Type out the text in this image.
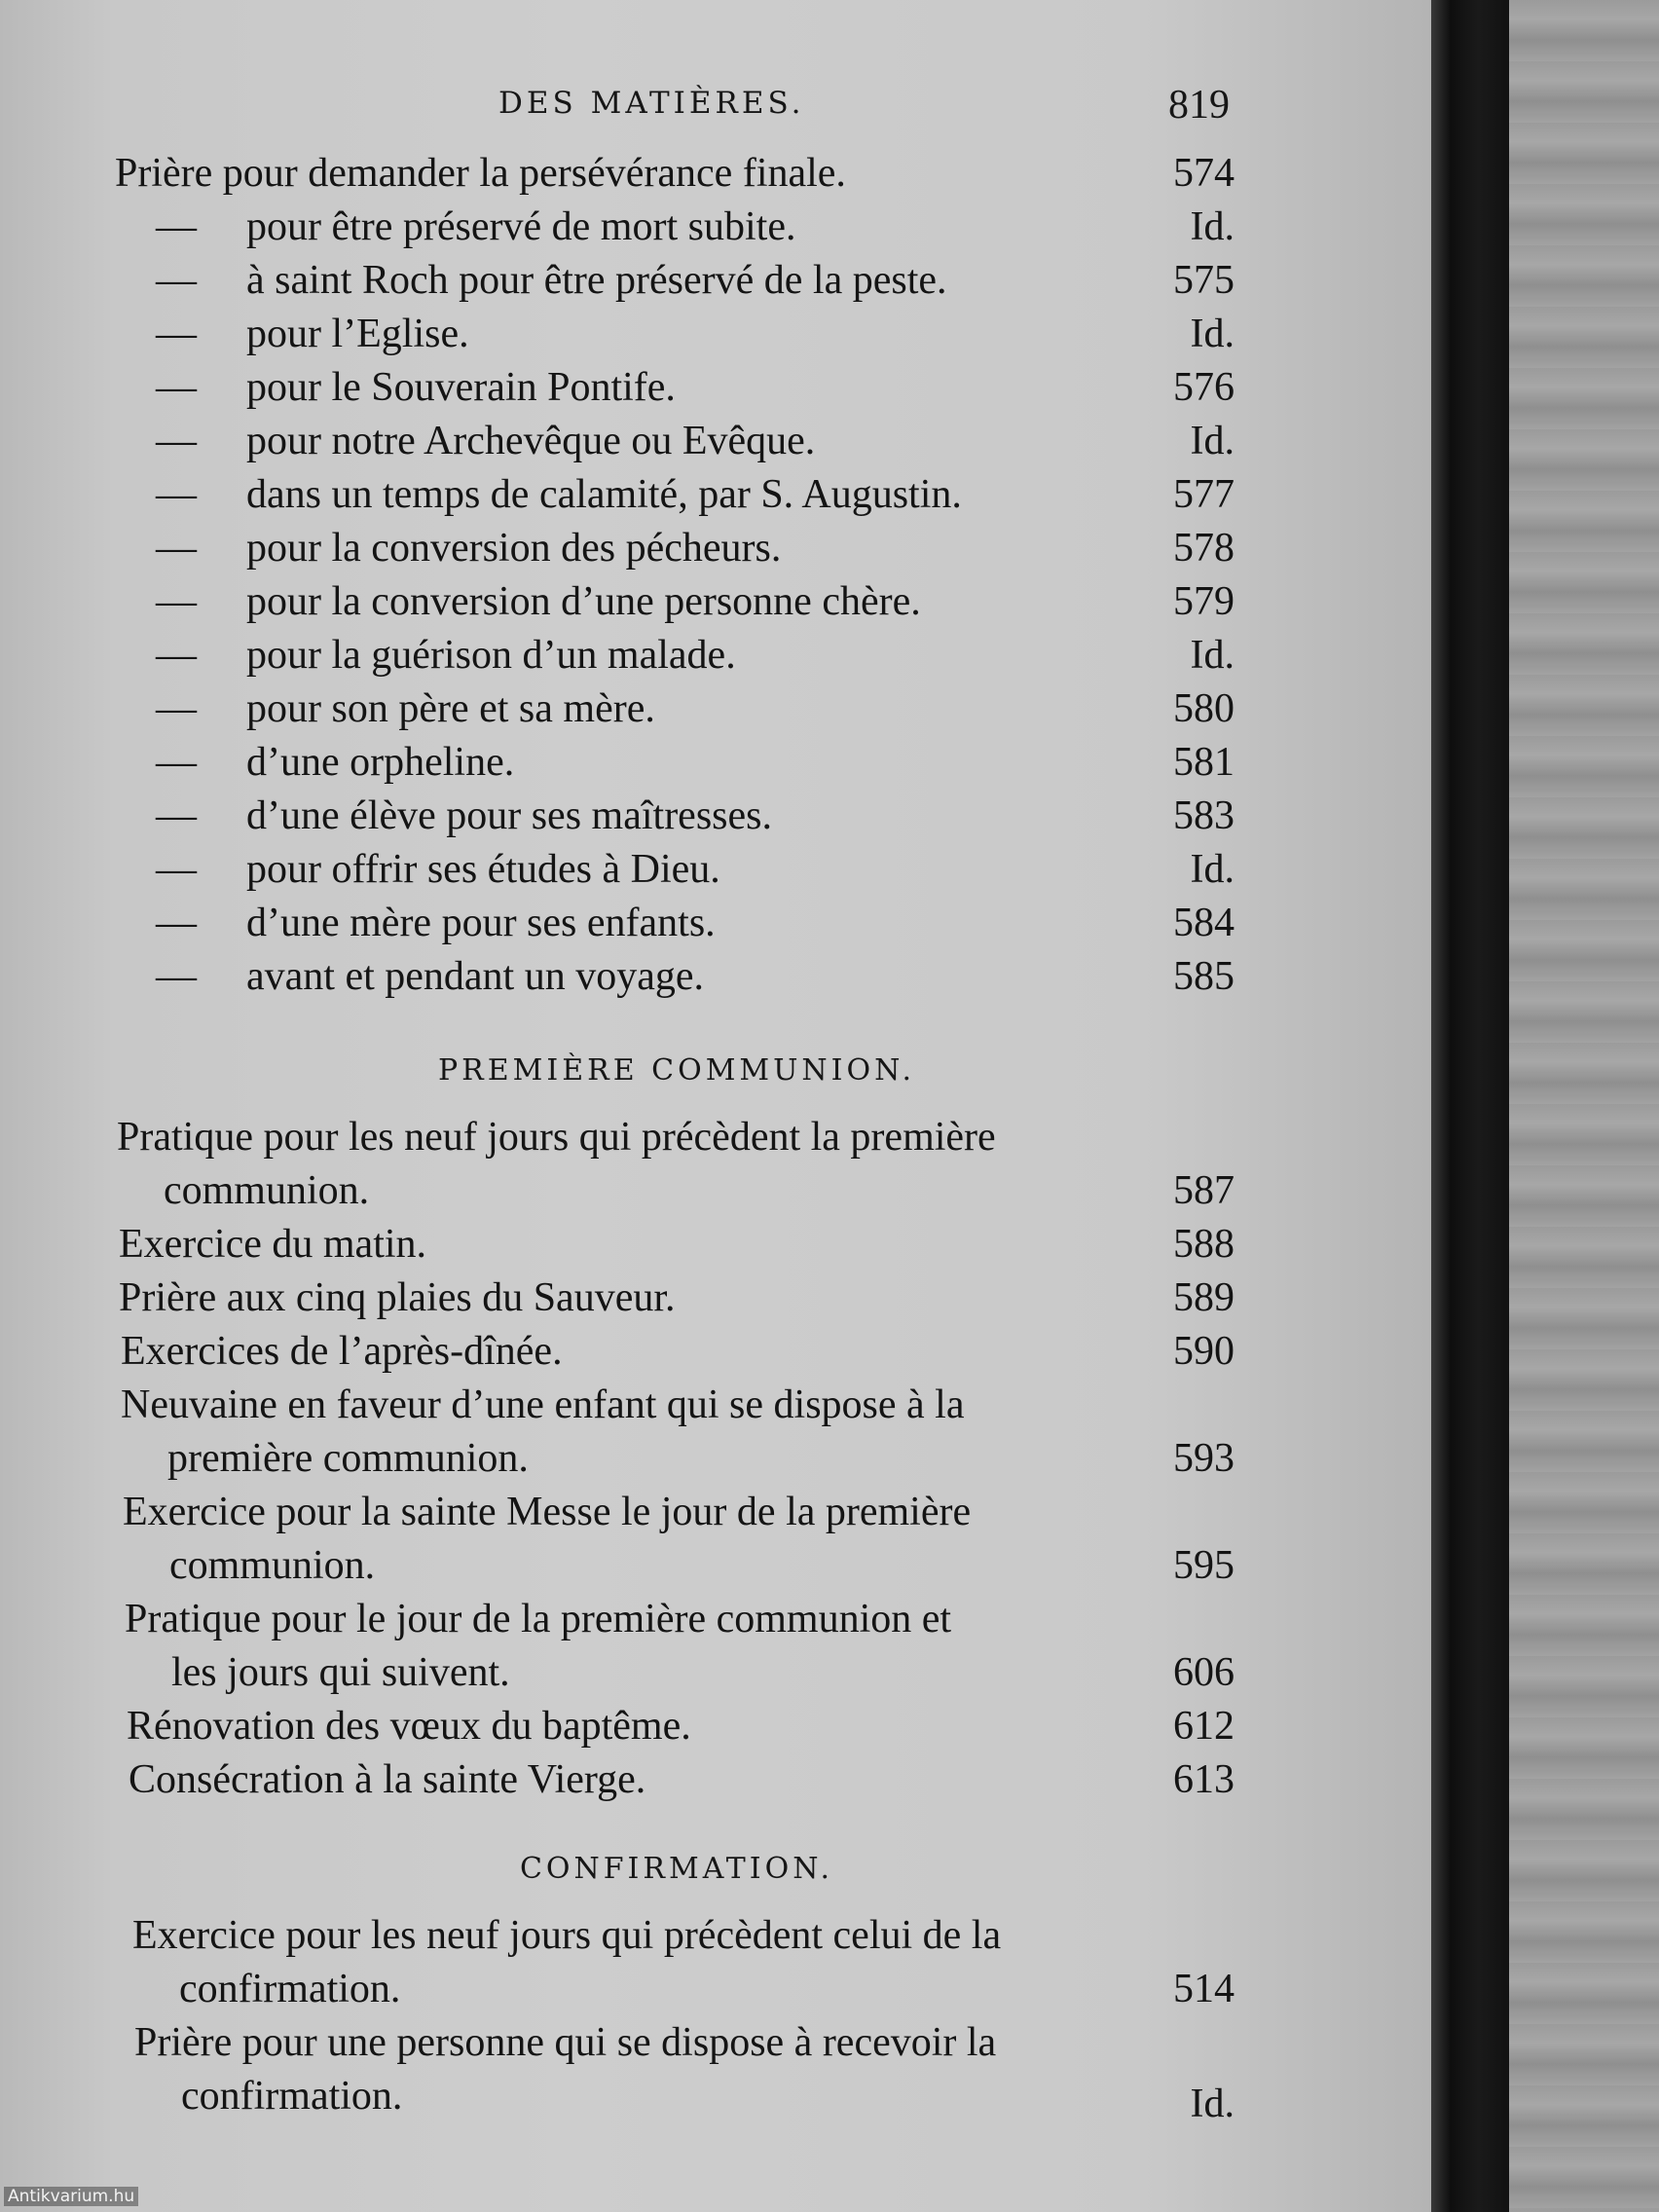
DES MATIÈRES.	819
Prière pour demander la persévérance finale.	574
— pour être préservé de mort subite.	Id.
— à saint Roch pour être préservé de la peste.	575
— pour l’Eglise.	Id.
— pour le Souverain Pontife.	576
— pour notre Archevêque ou Evêque.	Id.
— dans un temps de calamité, par S. Augustin.	577
— pour la conversion des pécheurs.	578
— pour la conversion d’une personne chère.	579
— pour la guérison d’un malade.	Id.
— pour son père et sa mère.	580
— d’une orpheline.	581
— d’une élève pour ses maîtresses.	583
— pour offrir ses études à Dieu.	Id.
— d’une mère pour ses enfants.	584
— avant et pendant un voyage.	585
PREMIÈRE COMMUNION.
Pratique pour les neuf jours qui précèdent la première
communion.	587
Exercice du matin.	588
Prière aux cinq plaies du Sauveur.	589
Exercices de l’après-dînée.	590
Neuvaine en faveur d’une enfant qui se dispose à la
première communion.	593
Exercice pour la sainte Messe le jour de la première
communion.	595
Pratique pour le jour de la première communion et
les jours qui suivent.	606
Rénovation des vœux du baptême.	612
Consécration à la sainte Vierge.	613
CONFIRMATION.
Exercice pour les neuf jours qui précèdent celui de la
confirmation.	514
Prière pour une personne qui se dispose à recevoir la
confirmation.	Id.
Antikvarium.hu
